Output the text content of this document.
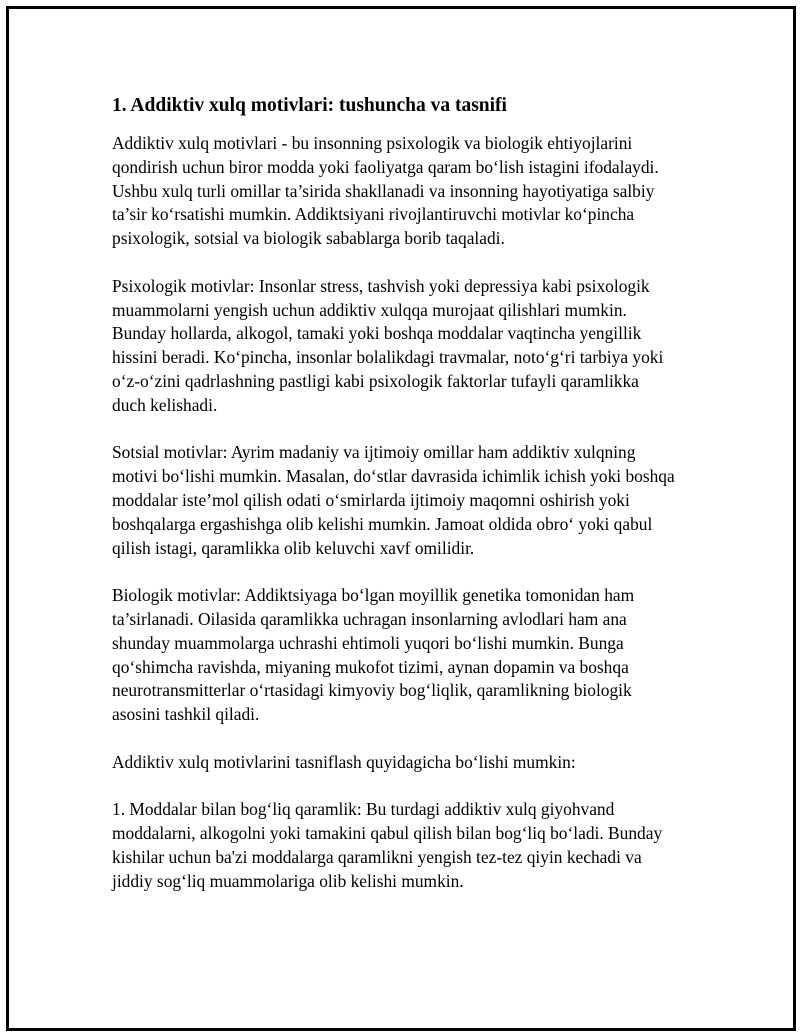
1. Addiktiv xulq motivlari: tushuncha va tasnifi

Addiktiv xulq motivlari - bu insonning psixologik va biologik ehtiyojlarini qondirish uchun biror modda yoki faoliyatga qaram bo‘lish istagini ifodalaydi. Ushbu xulq turli omillar ta’sirida shakllanadi va insonning hayotiyatiga salbiy ta’sir ko‘rsatishi mumkin. Addiktsiyani rivojlantiruvchi motivlar ko‘pincha psixologik, sotsial va biologik sabablarga borib taqaladi.

Psixologik motivlar: Insonlar stress, tashvish yoki depressiya kabi psixologik muammolarni yengish uchun addiktiv xulqqa murojaat qilishlari mumkin. Bunday hollarda, alkogol, tamaki yoki boshqa moddalar vaqtincha yengillik hissini beradi. Ko‘pincha, insonlar bolalikdagi travmalar, noto‘g‘ri tarbiya yoki o‘z-o‘zini qadrlashning pastligi kabi psixologik faktorlar tufayli qaramlikka duch kelishadi.

Sotsial motivlar: Ayrim madaniy va ijtimoiy omillar ham addiktiv xulqning motivi bo‘lishi mumkin. Masalan, do‘stlar davrasida ichimlik ichish yoki boshqa moddalar iste’mol qilish odati o‘smirlarda ijtimoiy maqomni oshirish yoki boshqalarga ergashishga olib kelishi mumkin. Jamoat oldida obro‘ yoki qabul qilish istagi, qaramlikka olib keluvchi xavf omilidir.

Biologik motivlar: Addiktsiyaga bo‘lgan moyillik genetika tomonidan ham ta’sirlanadi. Oilasida qaramlikka uchragan insonlarning avlodlari ham ana shunday muammolarga uchrashi ehtimoli yuqori bo‘lishi mumkin. Bunga qo‘shimcha ravishda, miyaning mukofot tizimi, aynan dopamin va boshqa neurotransmitterlar o‘rtasidagi kimyoviy bog‘liqlik, qaramlikning biologik asosini tashkil qiladi.

Addiktiv xulq motivlarini tasniflash quyidagicha bo‘lishi mumkin:

1. Moddalar bilan bog‘liq qaramlik: Bu turdagi addiktiv xulq giyohvand moddalarni, alkogolni yoki tamakini qabul qilish bilan bog‘liq bo‘ladi. Bunday kishilar uchun ba'zi moddalarga qaramlikni yengish tez-tez qiyin kechadi va jiddiy sog‘liq muammolariga olib kelishi mumkin.
